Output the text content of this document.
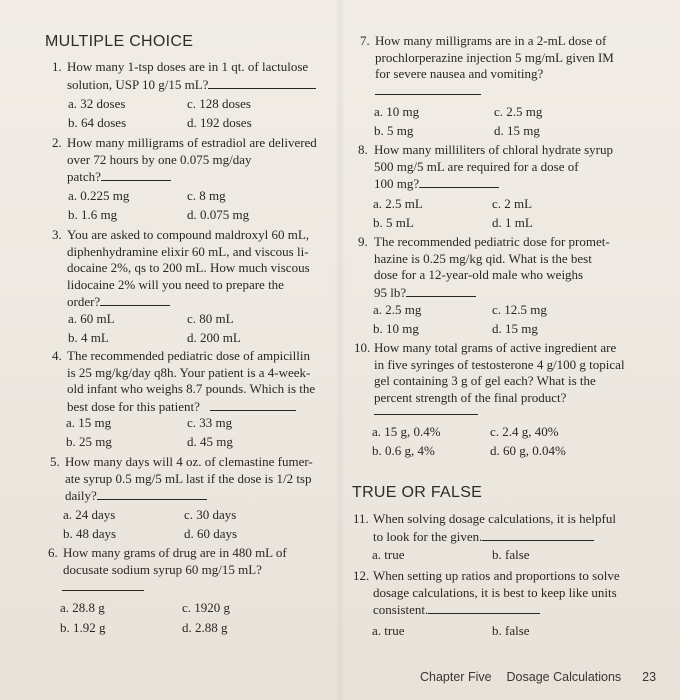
MULTIPLE CHOICE
1. How many 1-tsp doses are in 1 qt. of lactulose
solution, USP 10 g/15 mL?
a. 32 doses	c. 128 doses
b. 64 doses	d. 192 doses
2. How many milligrams of estradiol are delivered
over 72 hours by one 0.075 mg/day
patch?
a. 0.225 mg	c. 8 mg
b. 1.6 mg	d. 0.075 mg
3. You are asked to compound maldroxyl 60 mL,
diphenhydramine elixir 60 mL, and viscous li-
docaine 2%, qs to 200 mL. How much viscous
lidocaine 2% will you need to prepare the
order?
a. 60 mL	c. 80 mL
b. 4 mL	d. 200 mL
4. The recommended pediatric dose of ampicillin
is 25 mg/kg/day q8h. Your patient is a 4-week-
old infant who weighs 8.7 pounds. Which is the
best dose for this patient?
a. 15 mg	c. 33 mg
b. 25 mg	d. 45 mg
5. How many days will 4 oz. of clemastine fumer-
ate syrup 0.5 mg/5 mL last if the dose is 1/2 tsp
daily?
a. 24 days	c. 30 days
b. 48 days	d. 60 days
6. How many grams of drug are in 480 mL of
docusate sodium syrup 60 mg/15 mL?
a. 28.8 g	c. 1920 g
b. 1.92 g	d. 2.88 g
7. How many milligrams are in a 2-mL dose of
prochlorperazine injection 5 mg/mL given IM
for severe nausea and vomiting?
a. 10 mg	c. 2.5 mg
b. 5 mg	d. 15 mg
8. How many milliliters of chloral hydrate syrup
500 mg/5 mL are required for a dose of
100 mg?
a. 2.5 mL	c. 2 mL
b. 5 mL	d. 1 mL
9. The recommended pediatric dose for promet-
hazine is 0.25 mg/kg qid. What is the best
dose for a 12-year-old male who weighs
95 lb?
a. 2.5 mg	c. 12.5 mg
b. 10 mg	d. 15 mg
10. How many total grams of active ingredient are
in five syringes of testosterone 4 g/100 g topical
gel containing 3 g of gel each? What is the
percent strength of the final product?
a. 15 g, 0.4%	c. 2.4 g, 40%
b. 0.6 g, 4%	d. 60 g, 0.04%
TRUE OR FALSE
11. When solving dosage calculations, it is helpful
to look for the given.
a. true	b. false
12. When setting up ratios and proportions to solve
dosage calculations, it is best to keep like units
consistent.
a. true	b. false
Chapter Five Dosage Calculations 23
